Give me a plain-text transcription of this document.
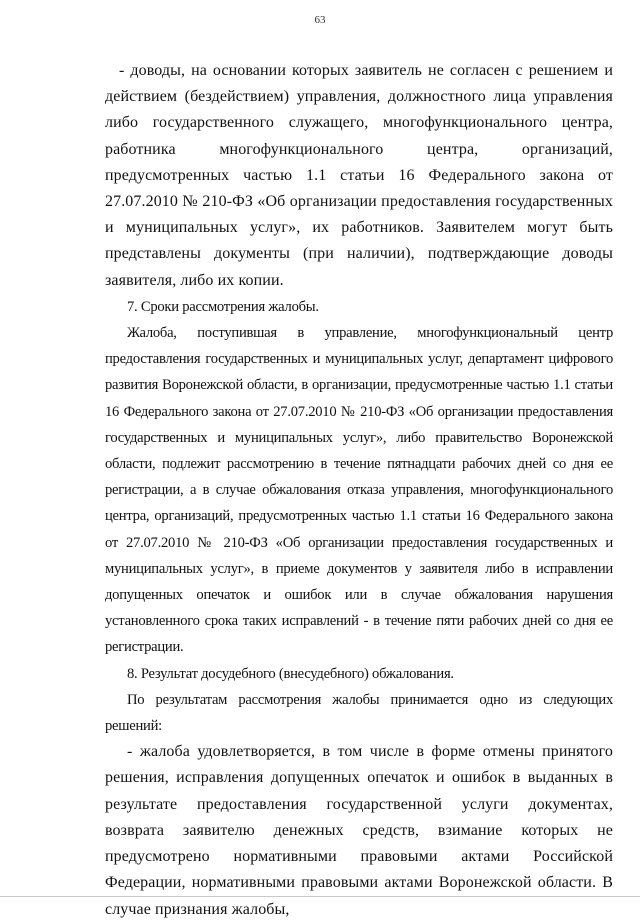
63

- доводы, на основании которых заявитель не согласен с решением и действием (бездействием) управления, должностного лица управления либо государственного служащего, многофункционального центра, работника многофункционального центра, организаций, предусмотренных частью 1.1 статьи 16 Федерального закона от 27.07.2010 № 210-ФЗ «Об организации предоставления государственных и муниципальных услуг», их работников. Заявителем могут быть представлены документы (при наличии), подтверждающие доводы заявителя, либо их копии.

7. Сроки рассмотрения жалобы.

Жалоба, поступившая в управление, многофункциональный центр предоставления государственных и муниципальных услуг, департамент цифрового развития Воронежской области, в организации, предусмотренные частью 1.1 статьи 16 Федерального закона от 27.07.2010 № 210-ФЗ «Об организации предоставления государственных и муниципальных услуг», либо правительство Воронежской области, подлежит рассмотрению в течение пятнадцати рабочих дней со дня ее регистрации, а в случае обжалования отказа управления, многофункционального центра, организаций, предусмотренных частью 1.1 статьи 16 Федерального закона от 27.07.2010 № 210-ФЗ «Об организации предоставления государственных и муниципальных услуг», в приеме документов у заявителя либо в исправлении допущенных опечаток и ошибок или в случае обжалования нарушения установленного срока таких исправлений - в течение пяти рабочих дней со дня ее регистрации.

8. Результат досудебного (внесудебного) обжалования.

По результатам рассмотрения жалобы принимается одно из следующих решений:

- жалоба удовлетворяется, в том числе в форме отмены принятого решения, исправления допущенных опечаток и ошибок в выданных в результате предоставления государственной услуги документах, возврата заявителю денежных средств, взимание которых не предусмотрено нормативными правовыми актами Российской Федерации, нормативными правовыми актами Воронежской области. В случае признания жалобы,
